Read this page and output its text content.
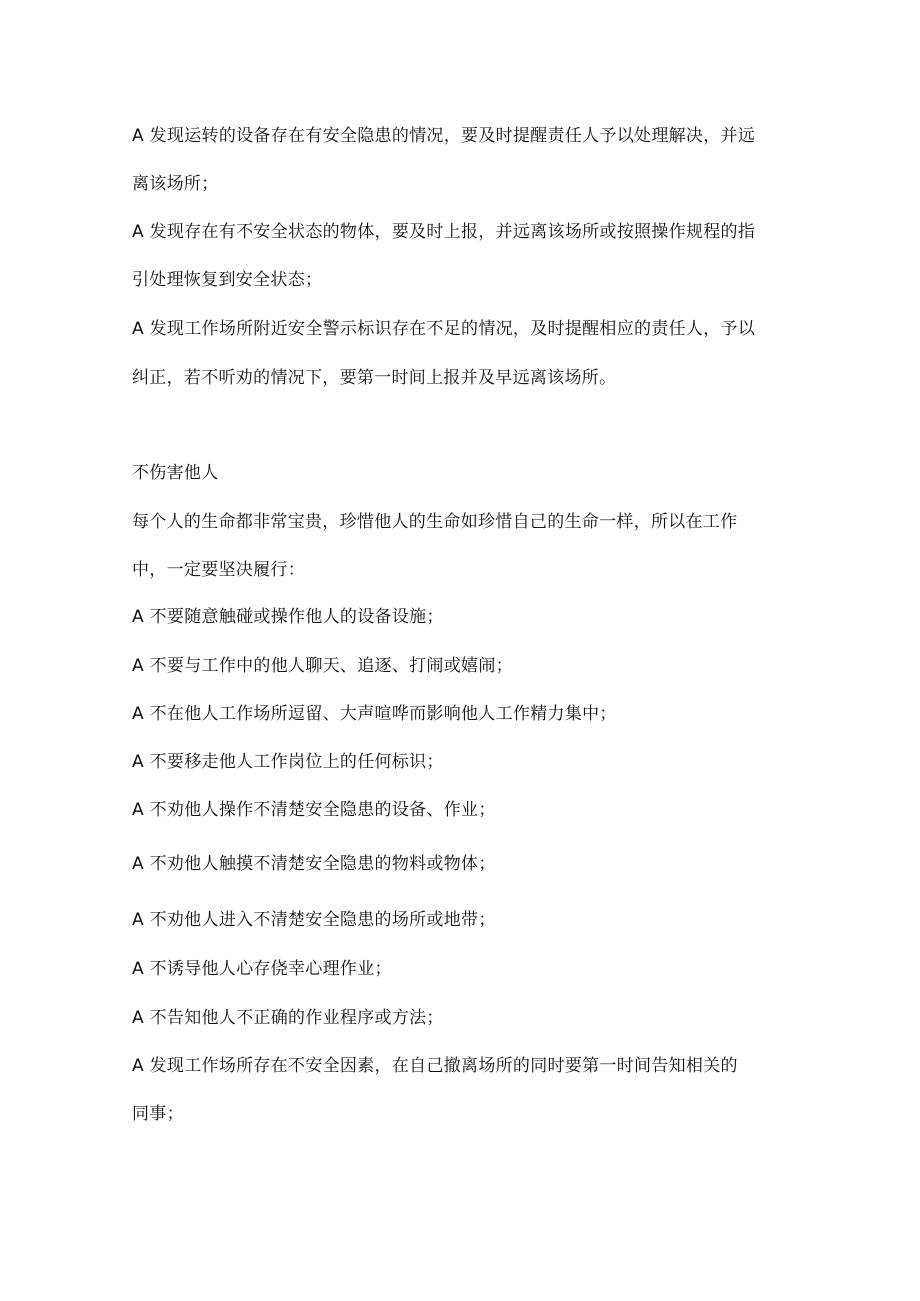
A 发现运转的设备存在有安全隐患的情况，要及时提醒责任人予以处理解决，并远
离该场所；
A 发现存在有不安全状态的物体，要及时上报，并远离该场所或按照操作规程的指
引处理恢复到安全状态；
A 发现工作场所附近安全警示标识存在不足的情况，及时提醒相应的责任人，予以
纠正，若不听劝的情况下，要第一时间上报并及早远离该场所。
不伤害他人
每个人的生命都非常宝贵，珍惜他人的生命如珍惜自己的生命一样，所以在工作
中，一定要坚决履行：
A 不要随意触碰或操作他人的设备设施；
A 不要与工作中的他人聊天、追逐、打闹或嬉闹；
A 不在他人工作场所逗留、大声喧哗而影响他人工作精力集中；
A 不要移走他人工作岗位上的任何标识；
A 不劝他人操作不清楚安全隐患的设备、作业；
A 不劝他人触摸不清楚安全隐患的物料或物体；
A 不劝他人进入不清楚安全隐患的场所或地带；
A 不诱导他人心存侥幸心理作业；
A 不告知他人不正确的作业程序或方法；
A 发现工作场所存在不安全因素，在自己撤离场所的同时要第一时间告知相关的
同事；
